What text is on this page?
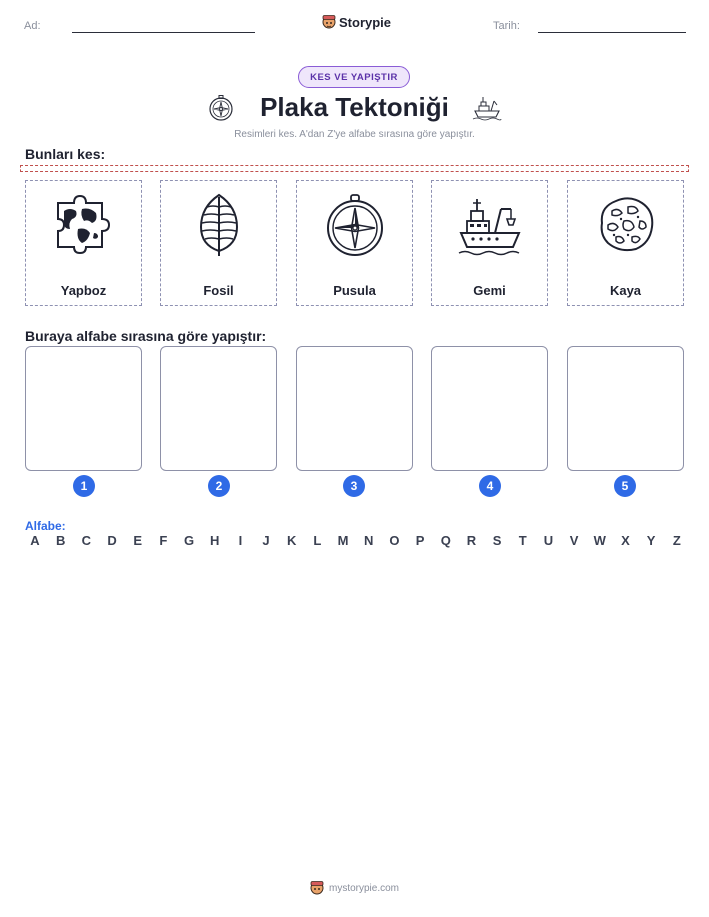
Ad:	Storypie	Tarih:
KES VE YAPIŞTIR
Plaka Tektoniği
Resimleri kes. A'dan Z'ye alfabe sırasına göre yapıştır.
Bunları kes:
Yapboz	Fosil	Pusula	Gemi	Kaya
Buraya alfabe sırasına göre yapıştır:
1	2	3	4	5
Alfabe:
A	B	C	D	E	F	G	H	I	J	K	L	M	N	O	P	Q	R	S	T	U	V	W	X	Y	Z
mystorypie.com
